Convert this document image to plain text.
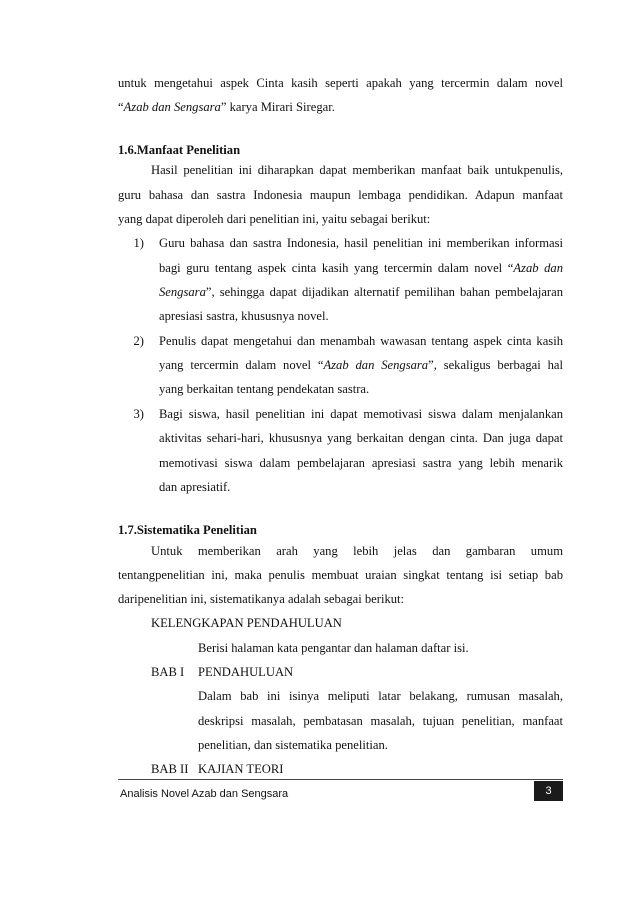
untuk mengetahui aspek Cinta kasih seperti apakah yang tercermin dalam novel
“Azab dan Sengsara” karya Mirari Siregar.
1.6.Manfaat Penelitian
Hasil penelitian ini diharapkan dapat memberikan manfaat baik untukpenulis,
guru bahasa dan sastra Indonesia maupun lembaga pendidikan. Adapun manfaat
yang dapat diperoleh dari penelitian ini, yaitu sebagai berikut:
1) Guru bahasa dan sastra Indonesia, hasil penelitian ini memberikan informasi
bagi guru tentang aspek cinta kasih yang tercermin dalam novel “Azab dan
Sengsara”, sehingga dapat dijadikan alternatif pemilihan bahan pembelajaran
apresiasi sastra, khususnya novel.
2) Penulis dapat mengetahui dan menambah wawasan tentang aspek cinta kasih
yang tercermin dalam novel “Azab dan Sengsara”, sekaligus berbagai hal
yang berkaitan tentang pendekatan sastra.
3) Bagi siswa, hasil penelitian ini dapat memotivasi siswa dalam menjalankan
aktivitas sehari-hari, khususnya yang berkaitan dengan cinta. Dan juga dapat
memotivasi siswa dalam pembelajaran apresiasi sastra yang lebih menarik
dan apresiatif.
1.7.Sistematika Penelitian
Untuk memberikan arah yang lebih jelas dan gambaran umum
tentangpenelitian ini, maka penulis membuat uraian singkat tentang isi setiap bab
daripenelitian ini, sistematikanya adalah sebagai berikut:
KELENGKAPAN PENDAHULUAN
Berisi halaman kata pengantar dan halaman daftar isi.
BAB I PENDAHULUAN
Dalam bab ini isinya meliputi latar belakang, rumusan masalah,
deskripsi masalah, pembatasan masalah, tujuan penelitian, manfaat
penelitian, dan sistematika penelitian.
BAB II KAJIAN TEORI
Analisis Novel Azab dan Sengsara	3
